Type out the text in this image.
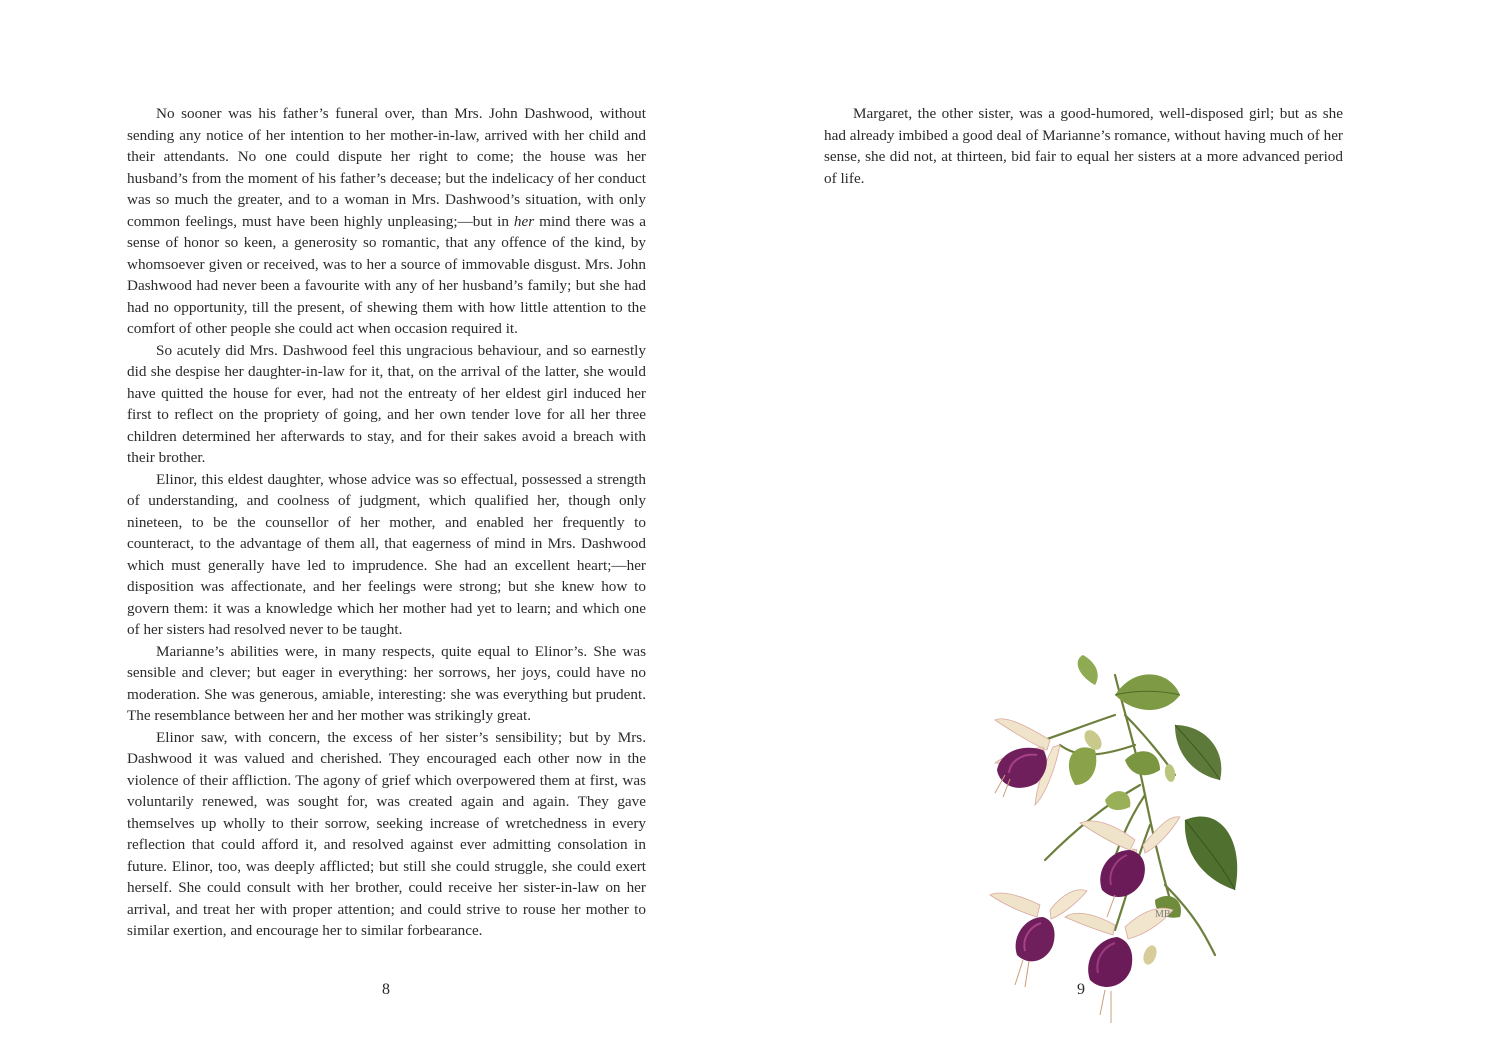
No sooner was his father’s funeral over, than Mrs. John Dashwood, without sending any notice of her intention to her mother-in-law, arrived with her child and their attendants. No one could dispute her right to come; the house was her husband’s from the moment of his father’s decease; but the indelicacy of her conduct was so much the greater, and to a woman in Mrs. Dashwood’s situation, with only common feelings, must have been highly unpleasing;—but in her mind there was a sense of honor so keen, a generosity so romantic, that any offence of the kind, by whomsoever given or received, was to her a source of immovable disgust. Mrs. John Dashwood had never been a favourite with any of her husband’s family; but she had had no opportunity, till the present, of shewing them with how little attention to the comfort of other people she could act when occasion required it.

So acutely did Mrs. Dashwood feel this ungracious behaviour, and so earnestly did she despise her daughter-in-law for it, that, on the arrival of the latter, she would have quitted the house for ever, had not the entreaty of her eldest girl induced her first to reflect on the propriety of going, and her own tender love for all her three children determined her afterwards to stay, and for their sakes avoid a breach with their brother.

Elinor, this eldest daughter, whose advice was so effectual, possessed a strength of understanding, and coolness of judgment, which qualified her, though only nineteen, to be the counsellor of her mother, and enabled her frequently to counteract, to the advantage of them all, that eagerness of mind in Mrs. Dashwood which must generally have led to imprudence. She had an excellent heart;—her disposition was affectionate, and her feelings were strong; but she knew how to govern them: it was a knowledge which her mother had yet to learn; and which one of her sisters had resolved never to be taught.

Marianne’s abilities were, in many respects, quite equal to Elinor’s. She was sensible and clever; but eager in everything: her sorrows, her joys, could have no moderation. She was generous, amiable, interesting: she was everything but prudent. The resemblance between her and her mother was strikingly great.

Elinor saw, with concern, the excess of her sister’s sensibility; but by Mrs. Dashwood it was valued and cherished. They encouraged each other now in the violence of their affliction. The agony of grief which overpowered them at first, was voluntarily renewed, was sought for, was created again and again. They gave themselves up wholly to their sorrow, seeking increase of wretchedness in every reflection that could afford it, and resolved against ever admitting consolation in future. Elinor, too, was deeply afflicted; but still she could struggle, she could exert herself. She could consult with her brother, could receive her sister-in-law on her arrival, and treat her with proper attention; and could strive to rouse her mother to similar exertion, and encourage her to similar forbearance.

8

Margaret, the other sister, was a good-humored, well-disposed girl; but as she had already imbibed a good deal of Marianne’s romance, without having much of her sense, she did not, at thirteen, bid fair to equal her sisters at a more advanced period of life.

MB
9
